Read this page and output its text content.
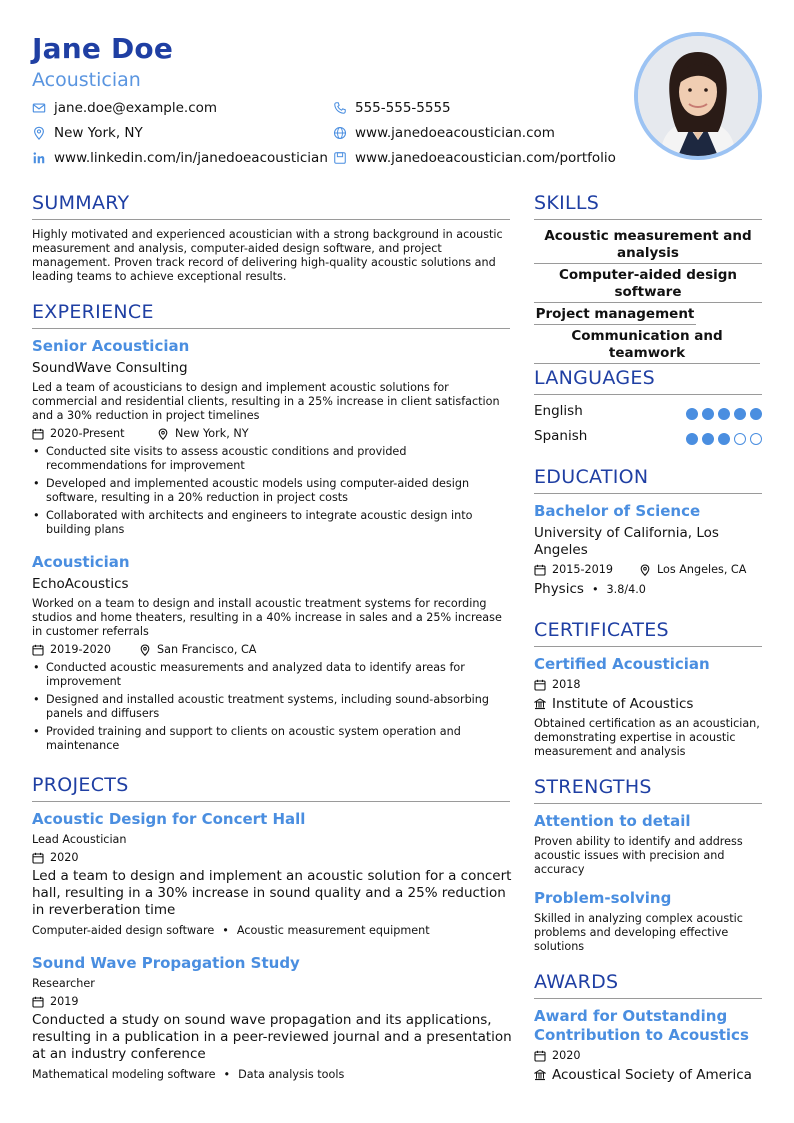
Jane Doe
Acoustician
jane.doe@example.com	555-555-5555
New York, NY	www.janedoeacoustician.com
www.linkedin.com/in/janedoeacoustician www.janedoeacoustician.com/portfolio
SUMMARY
Highly motivated and experienced acoustician with a strong background in acoustic measurement and analysis, computer-aided design software, and project management. Proven track record of delivering high-quality acoustic solutions and leading teams to achieve exceptional results.
EXPERIENCE
Senior Acoustician
SoundWave Consulting
Led a team of acousticians to design and implement acoustic solutions for commercial and residential clients, resulting in a 25% increase in client satisfaction and a 30% reduction in project timelines
2020-Present	New York, NY
• Conducted site visits to assess acoustic conditions and provided recommendations for improvement
• Developed and implemented acoustic models using computer-aided design software, resulting in a 20% reduction in project costs
• Collaborated with architects and engineers to integrate acoustic design into building plans
Acoustician
EchoAcoustics
Worked on a team to design and install acoustic treatment systems for recording studios and home theaters, resulting in a 40% increase in sales and a 25% increase in customer referrals
2019-2020	San Francisco, CA
• Conducted acoustic measurements and analyzed data to identify areas for improvement
• Designed and installed acoustic treatment systems, including sound-absorbing panels and diffusers
• Provided training and support to clients on acoustic system operation and maintenance
PROJECTS
Acoustic Design for Concert Hall
Lead Acoustician
2020
Led a team to design and implement an acoustic solution for a concert hall, resulting in a 30% increase in sound quality and a 25% reduction in reverberation time
Computer-aided design software • Acoustic measurement equipment
Sound Wave Propagation Study
Researcher
2019
Conducted a study on sound wave propagation and its applications, resulting in a publication in a peer-reviewed journal and a presentation at an industry conference
Mathematical modeling software • Data analysis tools
SKILLS
Acoustic measurement and analysis
Computer-aided design software
Project management
Communication and teamwork
LANGUAGES
English
Spanish
EDUCATION
Bachelor of Science
University of California, Los Angeles
2015-2019	Los Angeles, CA
Physics • 3.8/4.0
CERTIFICATES
Certified Acoustician
2018
Institute of Acoustics
Obtained certification as an acoustician, demonstrating expertise in acoustic measurement and analysis
STRENGTHS
Attention to detail
Proven ability to identify and address acoustic issues with precision and accuracy
Problem-solving
Skilled in analyzing complex acoustic problems and developing effective solutions
AWARDS
Award for Outstanding Contribution to Acoustics
2020
Acoustical Society of America
